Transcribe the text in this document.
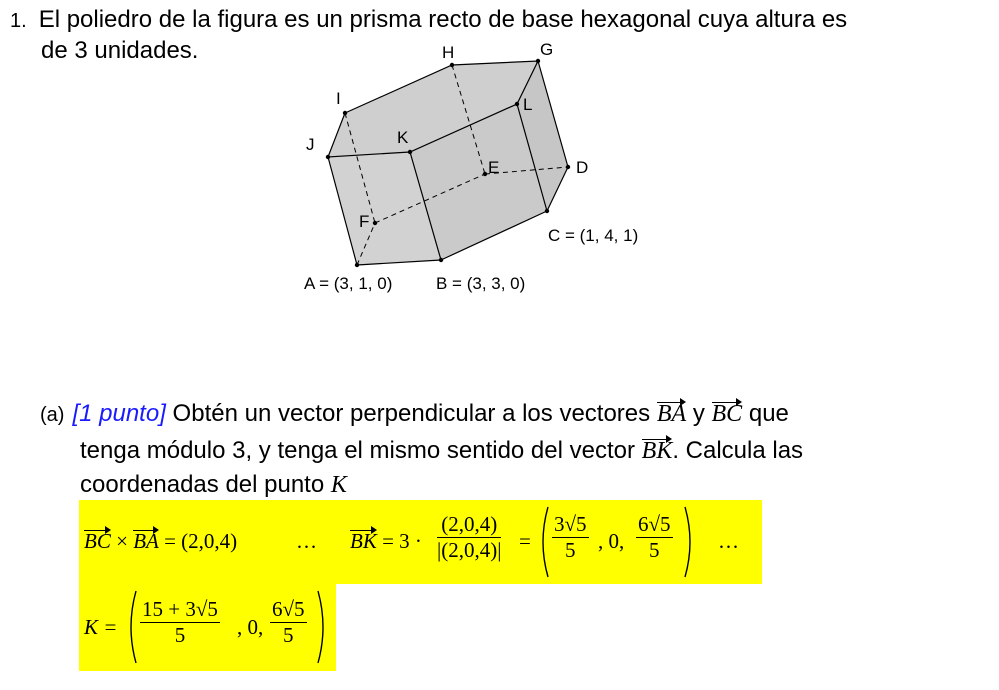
1. El poliedro de la figura es un prisma recto de base hexagonal cuya altura es
de 3 unidades.	H	G
I	L
J	K
E	D
F
C = (1, 4, 1)
A = (3, 1, 0)	B = (3, 3, 0)
(a) [1 punto] Obtén un vector perpendicular a los vectores BA y BC que
tenga módulo 3, y tenga el mismo sentido del vector BK. Calcula las
coordenadas del punto K
BC × BA = (2,0,4)	… BK = $3 \cdot \frac{(2,0,4)}{|(2,0,4)|} = \frac{3√5}{5}$ , 0, $\frac{6√5}{5}$ …
$K = \frac{15 + 3√5}{5}$ , 0, $\frac{6√5}{5}$
